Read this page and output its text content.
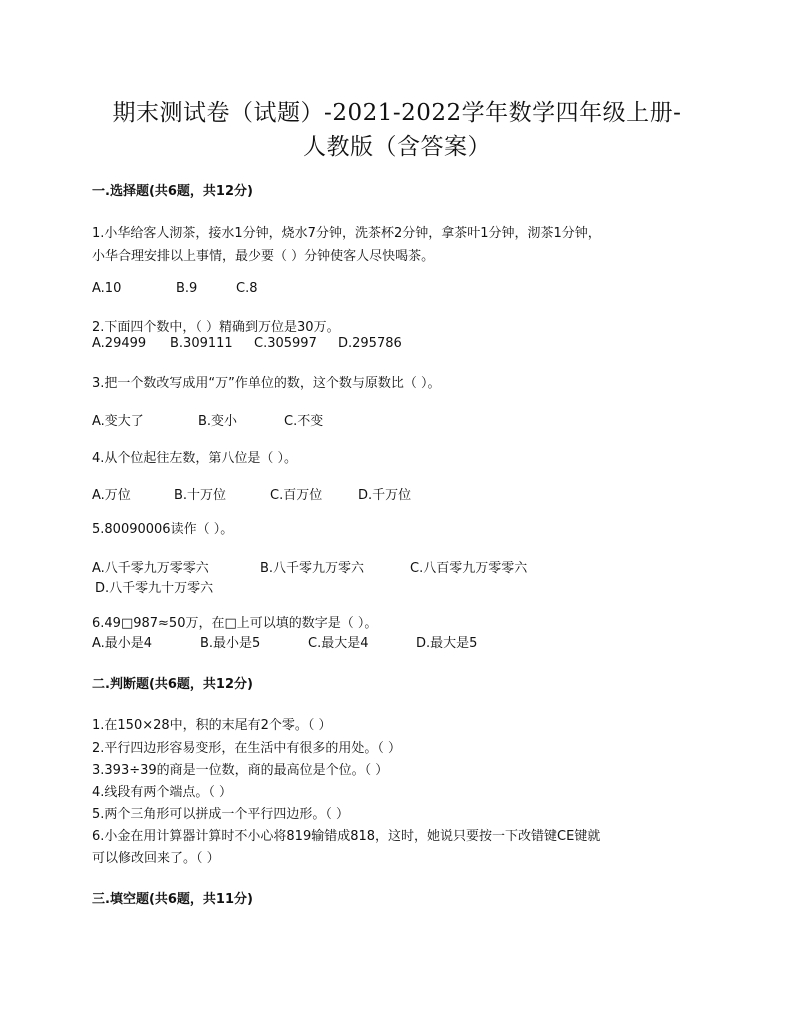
期末测试卷（试题）-2021-2022学年数学四年级上册-
人教版（含答案）
一.选择题(共6题，共12分)
1.小华给客人沏茶，接水1分钟，烧水7分钟，洗茶杯2分钟，拿茶叶1分钟，沏茶1分钟，
小华合理安排以上事情，最少要（ ）分钟使客人尽快喝茶。
A.10	B.9	C.8
2.下面四个数中，（ ）精确到万位是30万。
A.29499 B.309111 C.305997 D.295786
3.把一个数改写成用“万”作单位的数，这个数与原数比（ ）。
A.变大了	B.变小	C.不变
4.从个位起往左数，第八位是（ ）。
A.万位	B.十万位	C.百万位	D.千万位
5.80090006读作（ ）。
A.八千零九万零零六	B.八千零九万零六	C.八百零九万零零六
D.八千零九十万零六
6.49□987≈50万，在□上可以填的数字是（ ）。
A.最小是4	B.最小是5	C.最大是4	D.最大是5
二.判断题(共6题，共12分)
1.在150×28中，积的末尾有2个零。（ ）
2.平行四边形容易变形，在生活中有很多的用处。（ ）
3.393÷39的商是一位数，商的最高位是个位。（ ）
4.线段有两个端点。（ ）
5.两个三角形可以拼成一个平行四边形。（ ）
6.小金在用计算器计算时不小心将819输错成818，这时，她说只要按一下改错键CE键就
可以修改回来了。（ ）
三.填空题(共6题，共11分)
